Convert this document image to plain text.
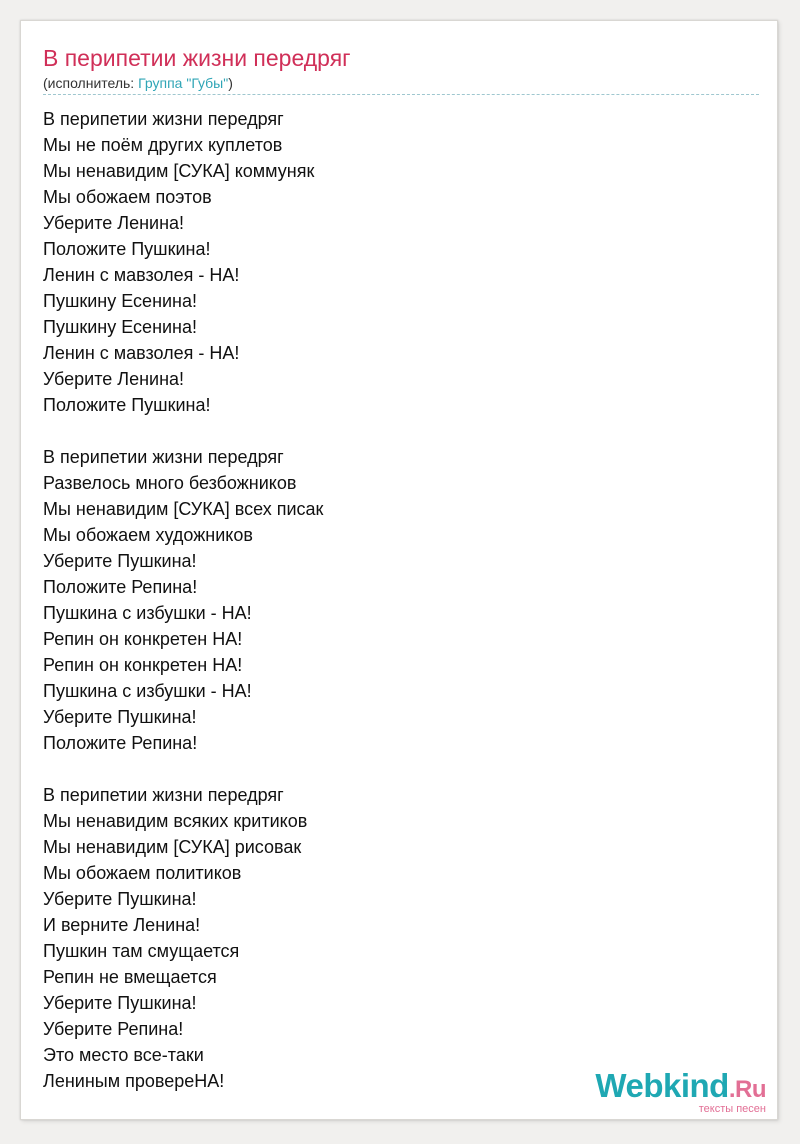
В перипетии жизни передряг
(исполнитель: Группа "Губы")
В перипетии жизни передряг
Мы не поём других куплетов
Мы ненавидим [СУКА] коммуняк
Мы обожаем поэтов
Уберите Ленина!
Положите Пушкина!
Ленин с мавзолея - НА!
Пушкину Есенина!
Пушкину Есенина!
Ленин с мавзолея - НА!
Уберите Ленина!
Положите Пушкина!
В перипетии жизни передряг
Развелось много безбожников
Мы ненавидим [СУКА] всех писак
Мы обожаем художников
Уберите Пушкина!
Положите Репина!
Пушкина с избушки - НА!
Репин он конкретен НА!
Репин он конкретен НА!
Пушкина с избушки - НА!
Уберите Пушкина!
Положите Репина!
В перипетии жизни передряг
Мы ненавидим всяких критиков
Мы ненавидим [СУКА] рисовак
Мы обожаем политиков
Уберите Пушкина!
И верните Ленина!
Пушкин там смущается
Репин не вмещается
Уберите Пушкина!
Уберите Репина!
Это место все-таки
Лениным провереНА!	Webkind.Ru
тексты песен
